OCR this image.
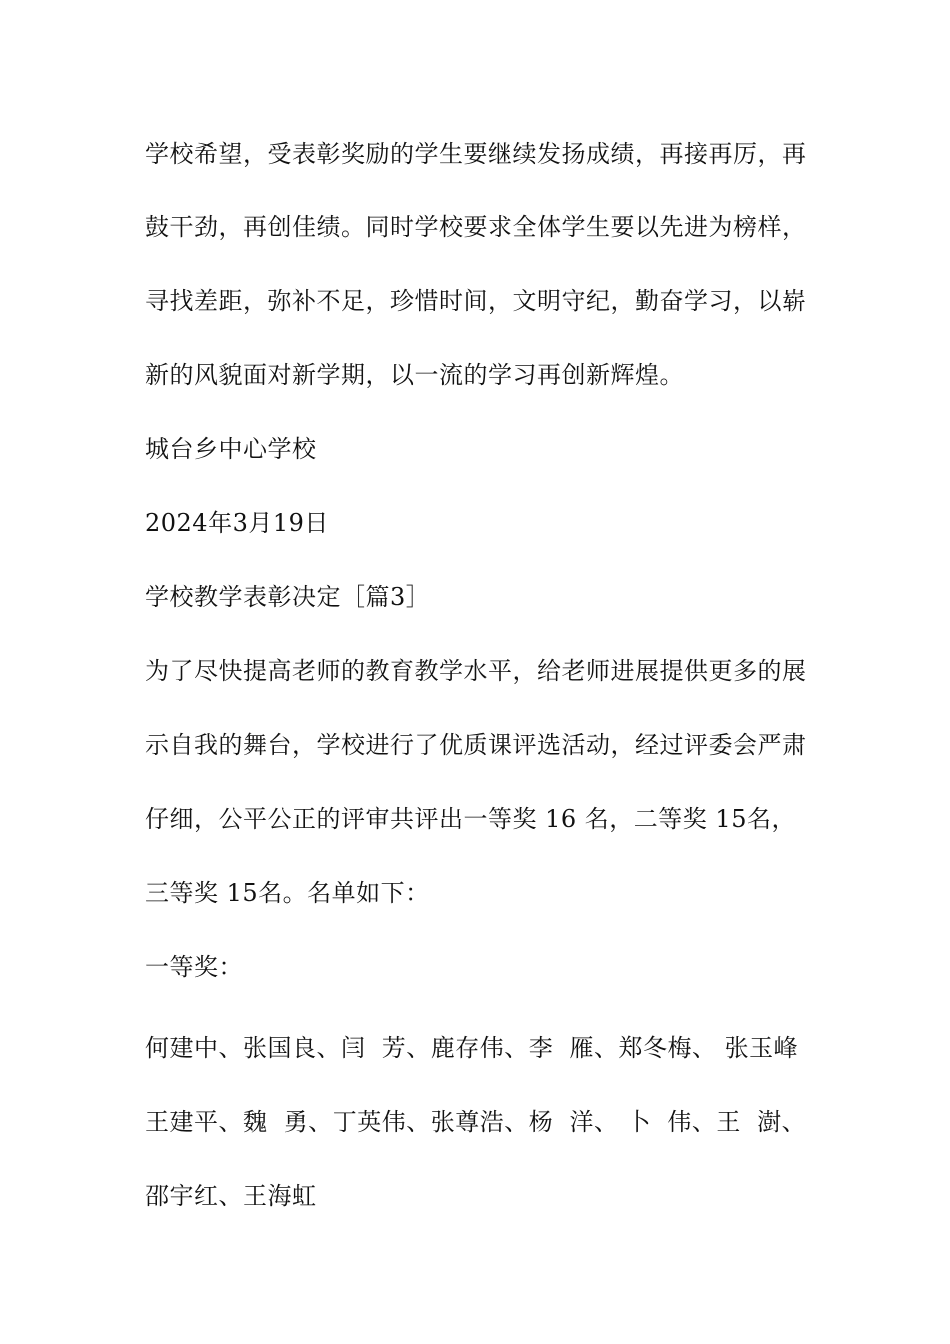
学校希望，受表彰奖励的学生要继续发扬成绩，再接再厉，再
鼓干劲，再创佳绩。同时学校要求全体学生要以先进为榜样，
寻找差距，弥补不足，珍惜时间，文明守纪，勤奋学习，以崭
新的风貌面对新学期，以一流的学习再创新辉煌。
城台乡中心学校
2024年3月19日
学校教学表彰决定［篇3］
为了尽快提高老师的教育教学水平，给老师进展提供更多的展
示自我的舞台，学校进行了优质课评选活动，经过评委会严肃
仔细，公平公正的评审共评出一等奖 16 名，二等奖 15名，
三等奖 15名。名单如下：
一等奖：
何建中、张国良、闫  芳、鹿存伟、李  雁、郑冬梅、 张玉峰
王建平、魏  勇、丁英伟、张尊浩、杨  洋、 卜  伟、王  澍、
邵宇红、王海虹
